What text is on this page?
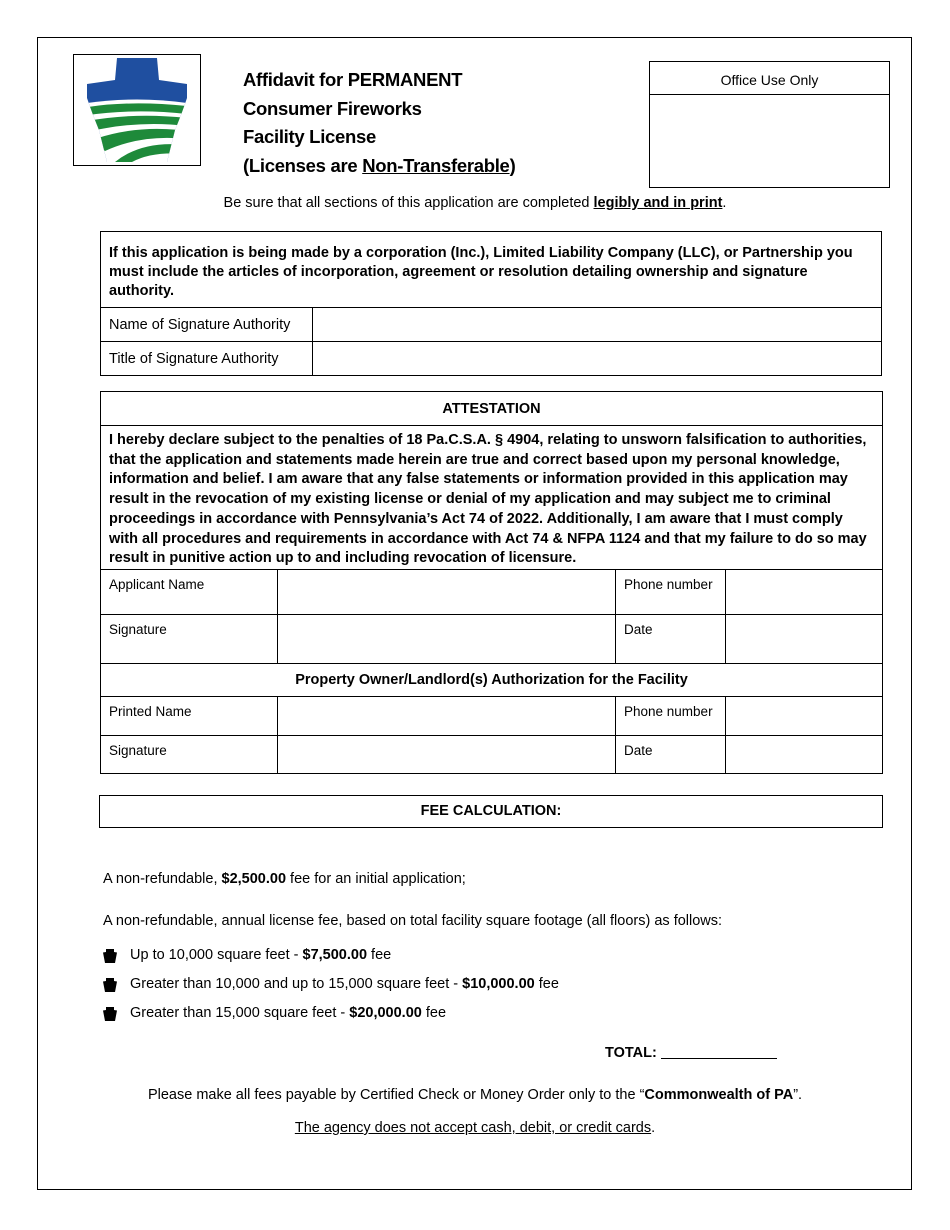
Affidavit for PERMANENT
Consumer Fireworks
Facility License
(Licenses are Non-Transferable)
Office Use Only
Be sure that all sections of this application are completed legibly and in print.
If this application is being made by a corporation (Inc.), Limited Liability Company (LLC), or Partnership you must include the articles of incorporation, agreement or resolution detailing ownership and signature authority.	
Name of Signature Authority	
Title of Signature Authority	
ATTESTATION			
I hereby declare subject to the penalties of 18 Pa.C.S.A. § 4904, relating to unsworn falsification to authorities, that the application and statements made herein are true and correct based upon my personal knowledge, information and belief. I am aware that any false statements or information provided in this application may result in the revocation of my existing license or denial of my application and may subject me to criminal proceedings in accordance with Pennsylvania’s Act 74 of 2022. Additionally, I am aware that I must comply with all procedures and requirements in accordance with Act 74 & NFPA 1124 and that my failure to do so may result in punitive action up to and including revocation of licensure.			
Applicant Name		Phone number	
Signature		Date	
Property Owner/Landlord(s) Authorization for the Facility			
Printed Name		Phone number	
Signature		Date	
FEE CALCULATION:
A non-refundable, $2,500.00 fee for an initial application;
A non-refundable, annual license fee, based on total facility square footage (all floors) as follows:
Up to 10,000 square feet - $7,500.00 fee
Greater than 10,000 and up to 15,000 square feet - $10,000.00 fee
Greater than 15,000 square feet - $20,000.00 fee
TOTAL:
Please make all fees payable by Certified Check or Money Order only to the “Commonwealth of PA”.
The agency does not accept cash, debit, or credit cards.
